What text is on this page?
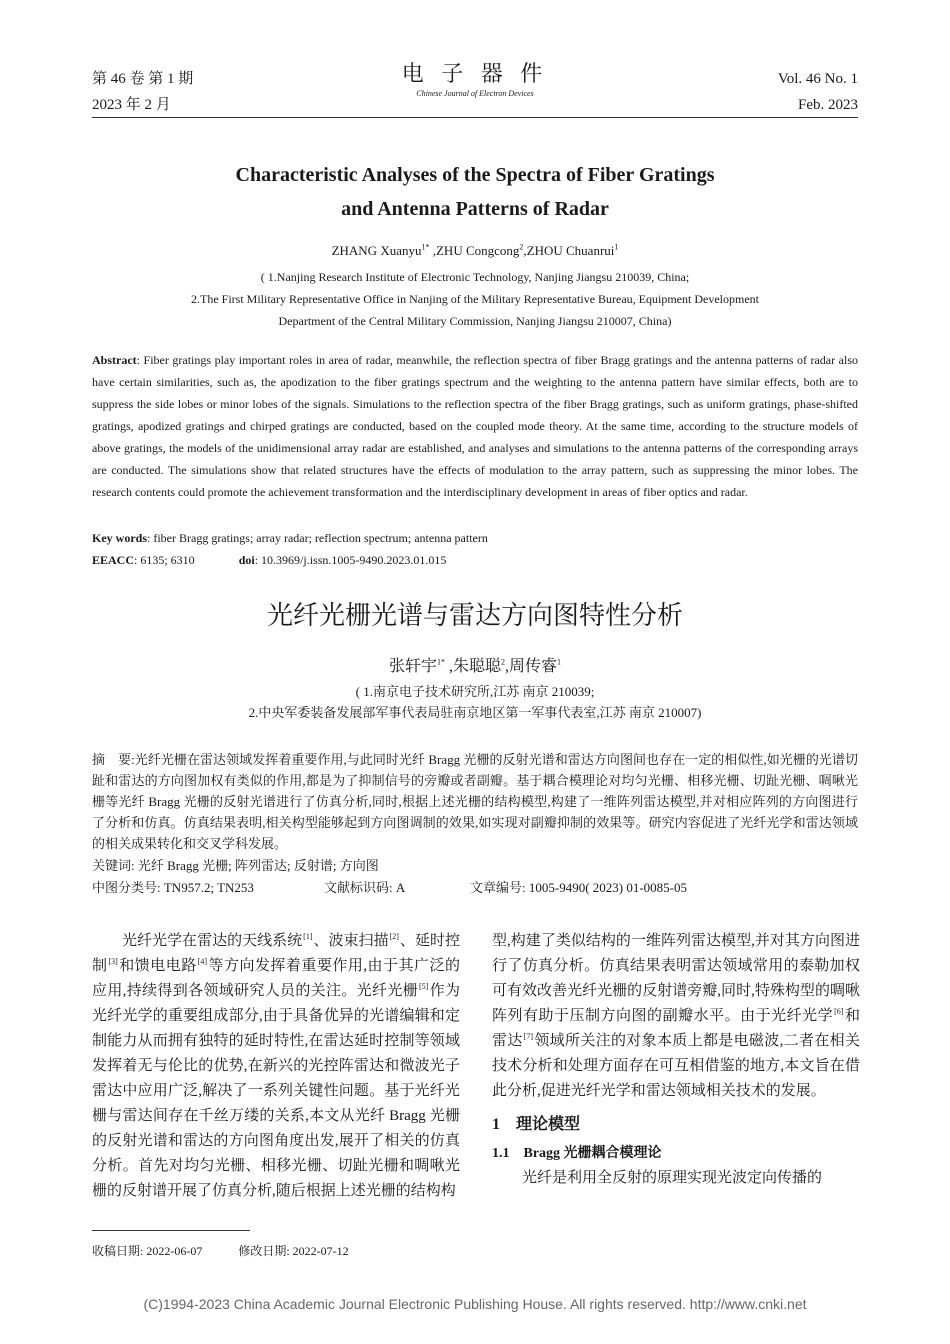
第 46 卷 第 1 期
2023 年 2 月
电 子 器 件
Chinese Journal of Electron Devices
Vol. 46 No. 1
Feb. 2023
Characteristic Analyses of the Spectra of Fiber Gratings
and Antenna Patterns of Radar
ZHANG Xuanyu$^{1*}$ ,ZHU Congcong$^2$,ZHOU Chuanrui$^1$
( 1.Nanjing Research Institute of Electronic Technology, Nanjing Jiangsu 210039, China;
2.The First Military Representative Office in Nanjing of the Military Representative Bureau, Equipment Development
Department of the Central Military Commission, Nanjing Jiangsu 210007, China)
Abstract: Fiber gratings play important roles in area of radar, meanwhile, the reflection spectra of fiber Bragg gratings and the antenna patterns of radar also have certain similarities, such as, the apodization to the fiber gratings spectrum and the weighting to the antenna pattern have similar effects, both are to suppress the side lobes or minor lobes of the signals. Simulations to the reflection spectra of the fiber Bragg gratings, such as uniform gratings, phase-shifted gratings, apodized gratings and chirped gratings are conducted, based on the coupled mode theory. At the same time, according to the structure models of above gratings, the models of the unidimensional array radar are established, and analyses and simulations to the antenna patterns of the corresponding arrays are conducted. The simulations show that related structures have the effects of modulation to the array pattern, such as suppressing the minor lobes. The research contents could promote the achievement transformation and the interdisciplinary development in areas of fiber optics and radar.
Key words: fiber Bragg gratings; array radar; reflection spectrum; antenna pattern
EEACC: 6135; 6310	doi: 10.3969/j.issn.1005-9490.2023.01.015
光纤光栅光谱与雷达方向图特性分析
张轩宇$^{1*}$ ,朱聪聪$^2$,周传睿$^1$
( 1.南京电子技术研究所,江苏 南京 210039;
2.中央军委装备发展部军事代表局驻南京地区第一军事代表室,江苏 南京 210007)
摘　要:光纤光栅在雷达领域发挥着重要作用,与此同时光纤 Bragg 光栅的反射光谱和雷达方向图间也存在一定的相似性,如光栅的光谱切趾和雷达的方向图加权有类似的作用,都是为了抑制信号的旁瓣或者副瓣。基于耦合模理论对均匀光栅、相移光栅、切趾光栅、啁啾光栅等光纤 Bragg 光栅的反射光谱进行了仿真分析,同时,根据上述光栅的结构模型,构建了一维阵列雷达模型,并对相应阵列的方向图进行了分析和仿真。仿真结果表明,相关构型能够起到方向图调制的效果,如实现对副瓣抑制的效果等。研究内容促进了光纤光学和雷达领域的相关成果转化和交叉学科发展。
关键词: 光纤 Bragg 光栅; 阵列雷达; 反射谱; 方向图
中图分类号: TN957.2; TN253	文献标识码: A	文章编号: 1005-9490( 2023) 01-0085-05

光纤光学在雷达的天线系统[1]、波束扫描[2]、延时控制[3]和馈电电路[4]等方向发挥着重要作用,由于其广泛的应用,持续得到各领域研究人员的关注。光纤光栅[5]作为光纤光学的重要组成部分,由于具备优异的光谱编辑和定制能力从而拥有独特的延时特性,在雷达延时控制等领域发挥着无与伦比的优势,在新兴的光控阵雷达和微波光子雷达中应用广泛,解决了一系列关键性问题。基于光纤光栅与雷达间存在千丝万缕的关系,本文从光纤 Bragg 光栅的反射光谱和雷达的方向图角度出发,展开了相关的仿真分析。首先对均匀光栅、相移光栅、切趾光栅和啁啾光栅的反射谱开展了仿真分析,随后根据上述光栅的结构构

型,构建了类似结构的一维阵列雷达模型,并对其方向图进行了仿真分析。仿真结果表明雷达领域常用的泰勒加权可有效改善光纤光栅的反射谱旁瓣,同时,特殊构型的啁啾阵列有助于压制方向图的副瓣水平。由于光纤光学[6]和雷达[7]领域所关注的对象本质上都是电磁波,二者在相关技术分析和处理方面存在可互相借鉴的地方,本文旨在借此分析,促进光纤光学和雷达领域相关技术的发展。

1　理论模型
1.1　Bragg 光栅耦合模理论

光纤是利用全反射的原理实现光波定向传播的

收稿日期: 2022-06-07	修改日期: 2022-07-12
(C)1994-2023 China Academic Journal Electronic Publishing House. All rights reserved. http://www.cnki.net
